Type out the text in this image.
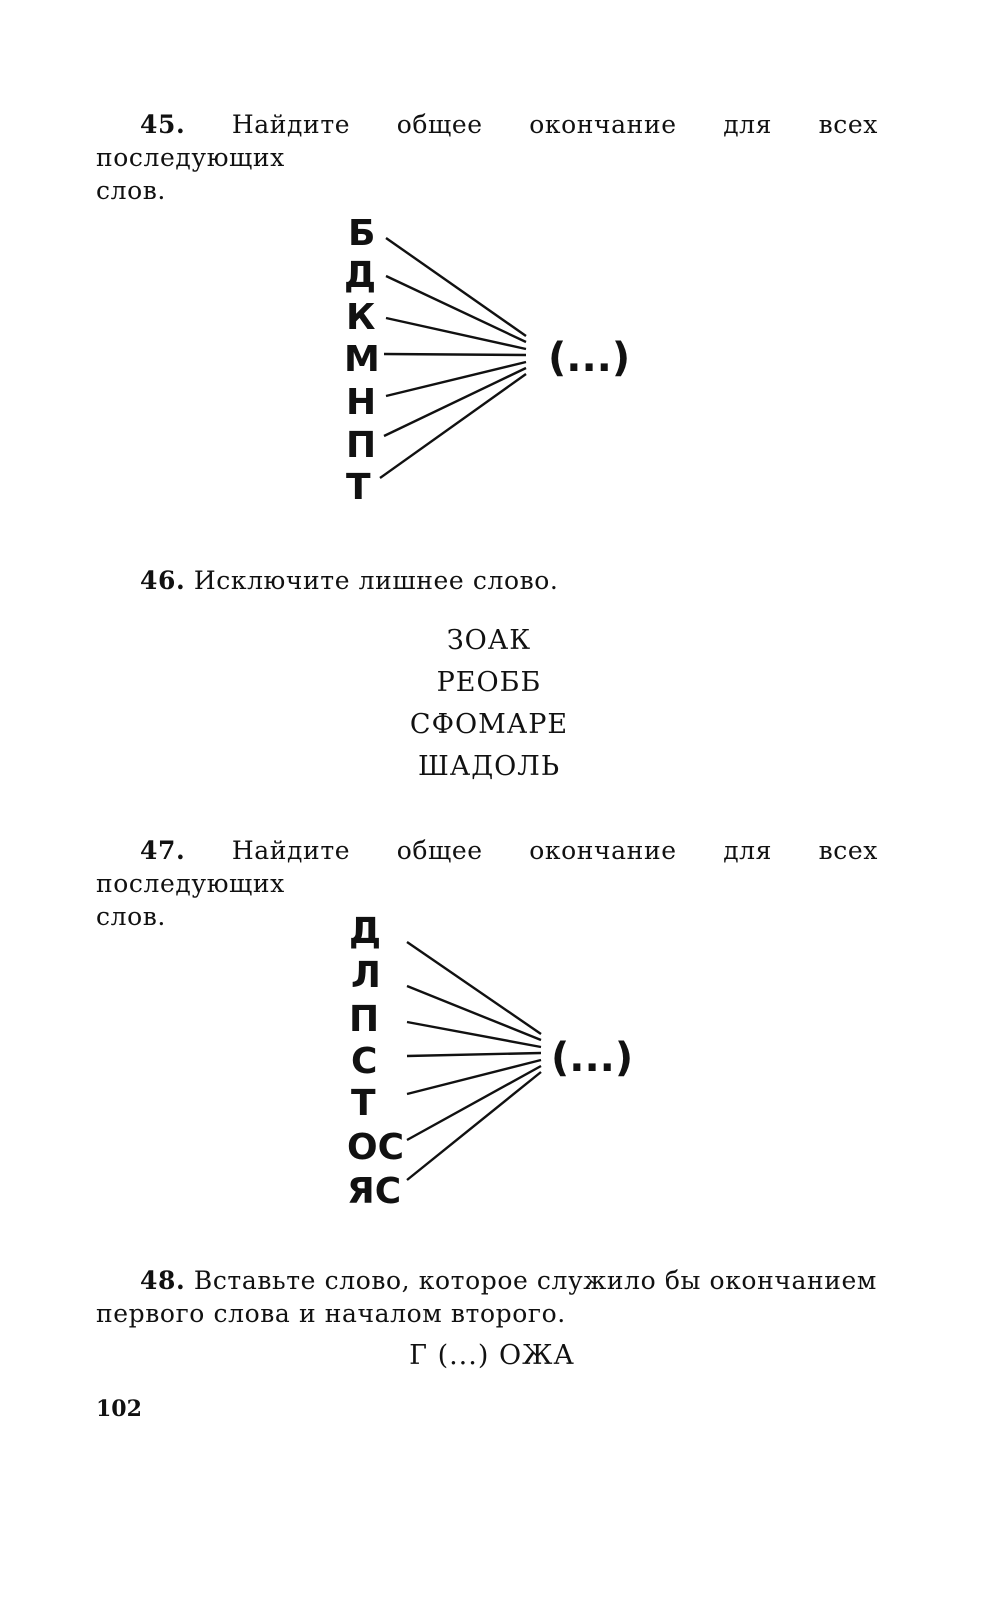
45. Найдите общее окончание для всех последующих
слов.
Б
Д
К
М
Н
П
Т
(...)
46. Исключите лишнее слово.
ЗОАК
РЕОББ
СФОМАРЕ
ШАДОЛЬ
47. Найдите общее окончание для всех последующих
слов.	Д
Л
П
С
Т
ОС
ЯС
(...)
48. Вставьте слово, которое служило бы окончанием
первого слова и началом второго.
Г (...) ОЖА
102
